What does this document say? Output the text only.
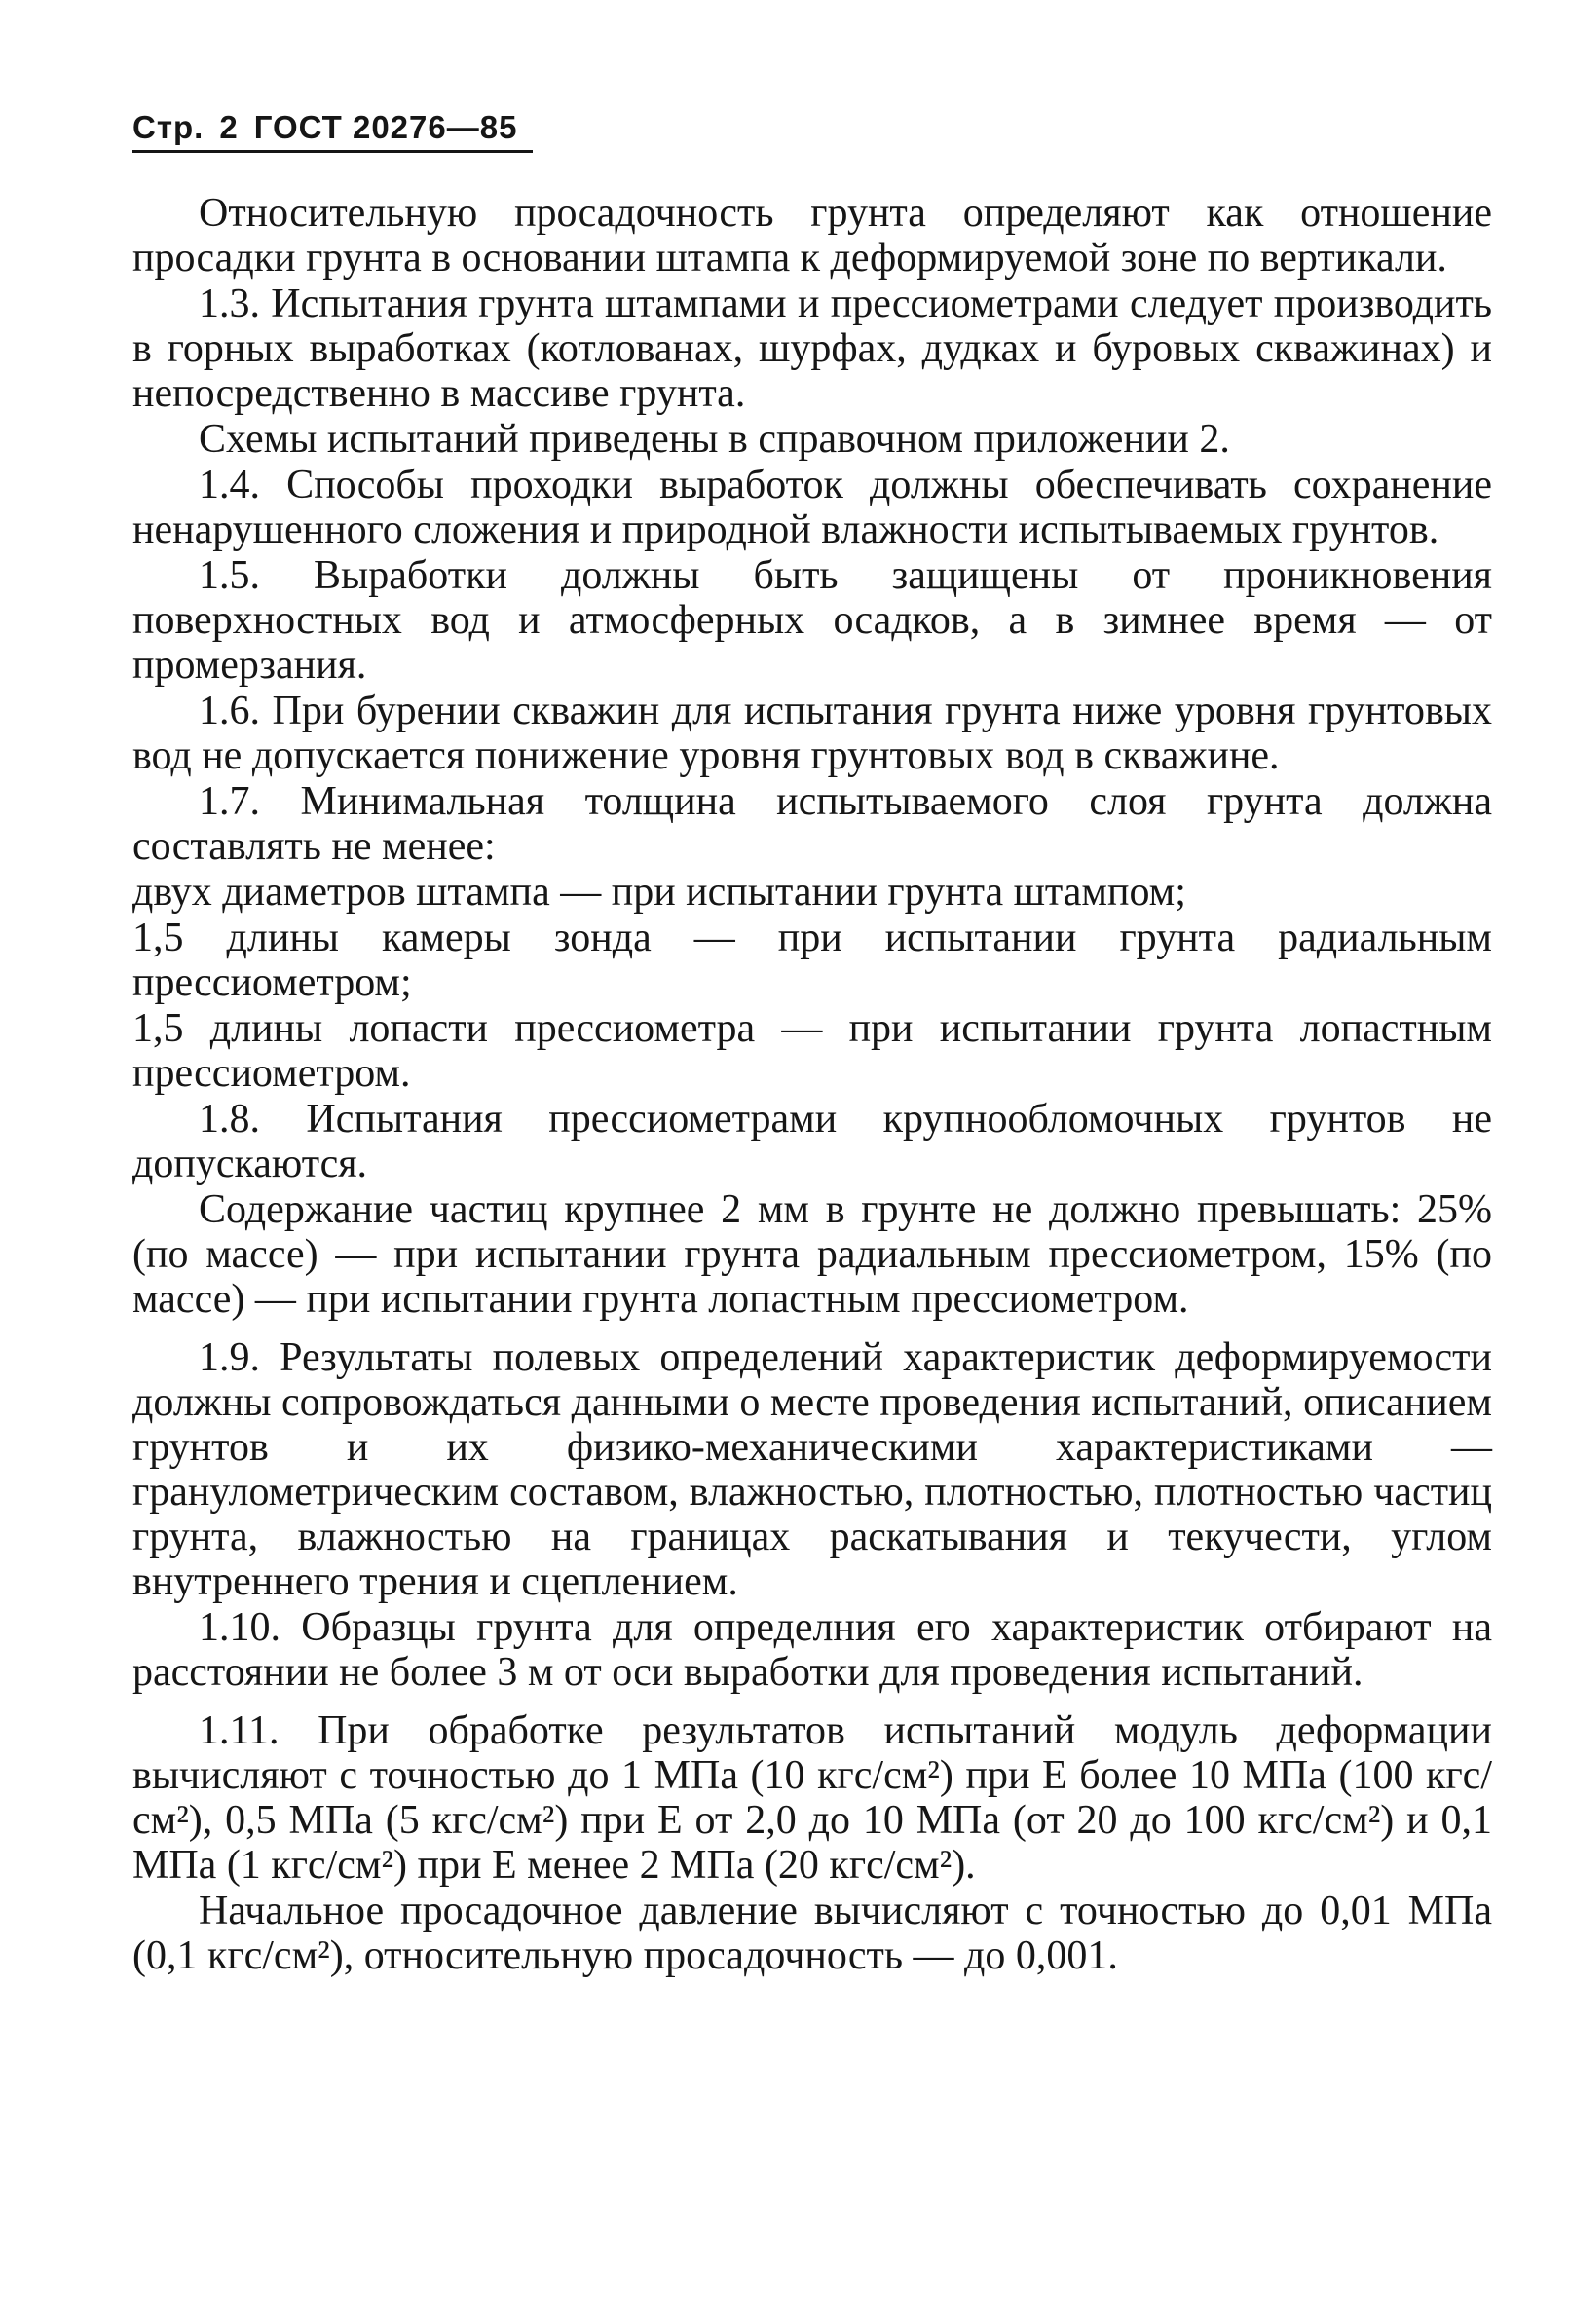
Стр. 2 ГОСТ 20276—85

Относительную просадочность грунта определяют как отношение просадки грунта в основании штампа к деформируемой зоне по вертикали.

1.3. Испытания грунта штампами и прессиометрами следует производить в горных выработках (котлованах, шурфах, дудках и буровых скважинах) и непосредственно в массиве грунта.

Схемы испытаний приведены в справочном приложении 2.

1.4. Способы проходки выработок должны обеспечивать сохранение ненарушенного сложения и природной влажности испытываемых грунтов.

1.5. Выработки должны быть защищены от проникновения поверхностных вод и атмосферных осадков, а в зимнее время — от промерзания.

1.6. При бурении скважин для испытания грунта ниже уровня грунтовых вод не допускается понижение уровня грунтовых вод в скважине.

1.7. Минимальная толщина испытываемого слоя грунта должна составлять не менее:

двух диаметров штампа — при испытании грунта штампом;

1,5 длины камеры зонда — при испытании грунта радиальным прессиометром;

1,5 длины лопасти прессиометра — при испытании грунта лопастным прессиометром.

1.8. Испытания прессиометрами крупнообломочных грунтов не допускаются.

Содержание частиц крупнее 2 мм в грунте не должно превышать: 25% (по массе) — при испытании грунта радиальным прессиометром, 15% (по массе) — при испытании грунта лопастным прессиометром.

1.9. Результаты полевых определений характеристик деформируемости должны сопровождаться данными о месте проведения испытаний, описанием грунтов и их физико-механическими характеристиками — гранулометрическим составом, влажностью, плотностью, плотностью частиц грунта, влажностью на границах раскатывания и текучести, углом внутреннего трения и сцеплением.

1.10. Образцы грунта для определния его характеристик отбирают на расстоянии не более 3 м от оси выработки для проведения испытаний.

1.11. При обработке результатов испытаний модуль деформации вычисляют с точностью до 1 МПа (10 кгс/см²) при Е более 10 МПа (100 кгс/см²), 0,5 МПа (5 кгс/см²) при Е от 2,0 до 10 МПа (от 20 до 100 кгс/см²) и 0,1 МПа (1 кгс/см²) при Е менее 2 МПа (20 кгс/см²).

Начальное просадочное давление вычисляют с точностью до 0,01 МПа (0,1 кгс/см²), относительную просадочность — до 0,001.
